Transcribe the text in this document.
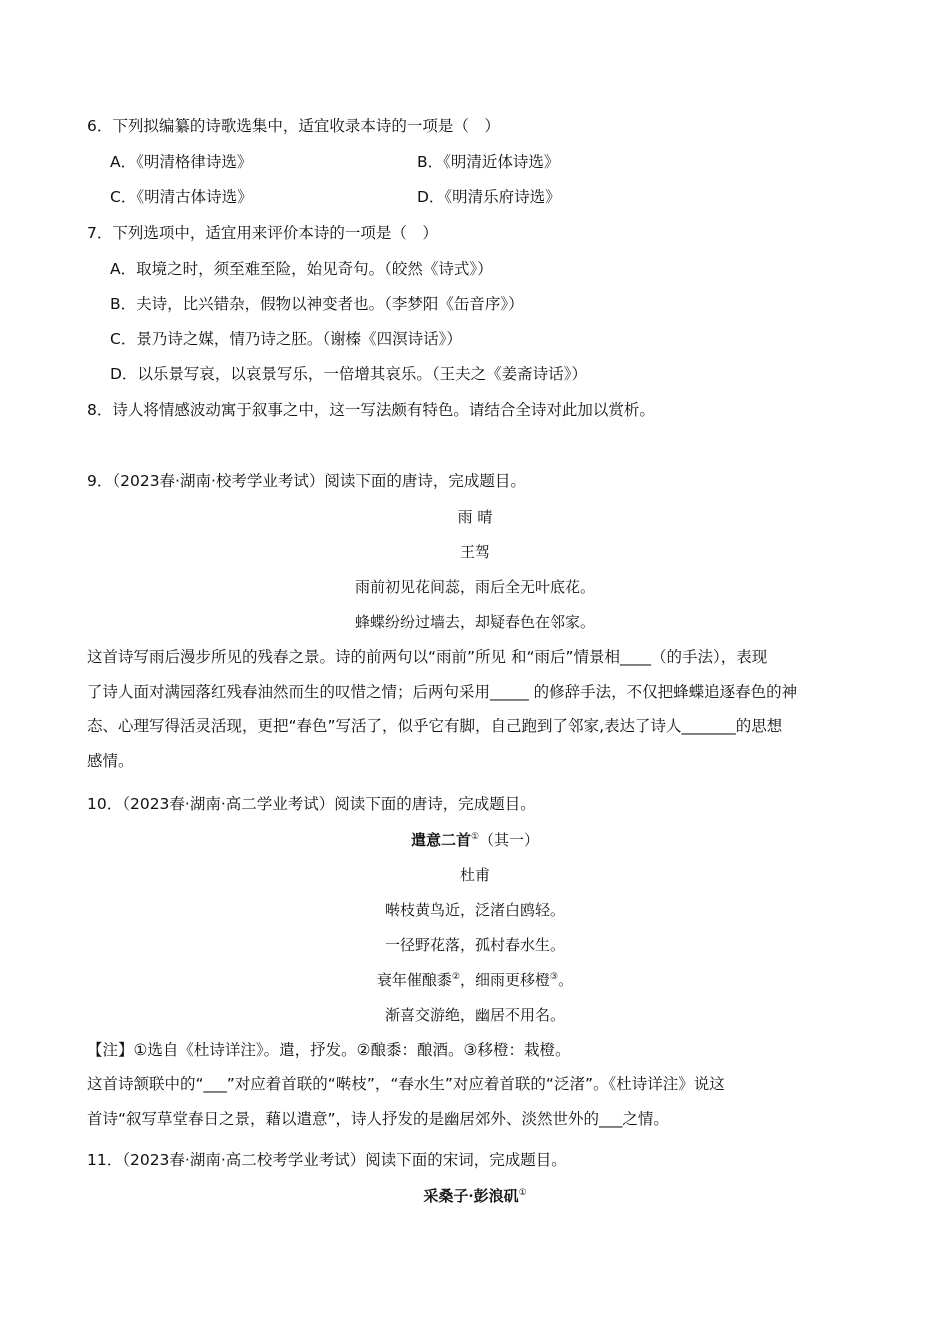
6．下列拟编纂的诗歌选集中，适宜收录本诗的一项是（　）
A．《明清格律诗选》	B．《明清近体诗选》
C．《明清古体诗选》	D．《明清乐府诗选》
7．下列选项中，适宜用来评价本诗的一项是（　）
A．取境之时，须至难至险，始见奇句。（皎然《诗式》）
B．夫诗，比兴错杂，假物以神变者也。（李梦阳《缶音序》）
C．景乃诗之媒，情乃诗之胚。（谢榛《四溟诗话》）
D．以乐景写哀，以哀景写乐，一倍增其哀乐。（王夫之《姜斋诗话》）
8．诗人将情感波动寓于叙事之中，这一写法颇有特色。请结合全诗对此加以赏析。
9．（2023春·湖南·校考学业考试）阅读下面的唐诗，完成题目。
雨 晴
王驾
雨前初见花间蕊，雨后全无叶底花。
蜂蝶纷纷过墙去，却疑春色在邻家。
这首诗写雨后漫步所见的残春之景。诗的前两句以“雨前”所见 和“雨后”情景相____（的手法），表现
了诗人面对满园落红残春油然而生的叹惜之情；后两句采用_____ 的修辞手法，不仅把蜂蝶追逐春色的神
态、心理写得活灵活现，更把“春色”写活了，似乎它有脚，自己跑到了邻家,表达了诗人_______的思想
感情。
10．（2023春·湖南·高二学业考试）阅读下面的唐诗，完成题目。
遣意二首①（其一）
杜甫
啭枝黄鸟近，泛渚白鸥轻。
一径野花落，孤村春水生。
衰年催酿黍②，细雨更移橙③。
渐喜交游绝，幽居不用名。
【注】①选自《杜诗详注》。遣，抒发。②酿黍：酿酒。③移橙：栽橙。
这首诗颔联中的“___”对应着首联的“啭枝”，“春水生”对应着首联的“泛渚”。《杜诗详注》说这
首诗“叙写草堂春日之景，藉以遣意”，诗人抒发的是幽居郊外、淡然世外的___之情。
11．（2023春·湖南·高二校考学业考试）阅读下面的宋词，完成题目。
采桑子·彭浪矶①
